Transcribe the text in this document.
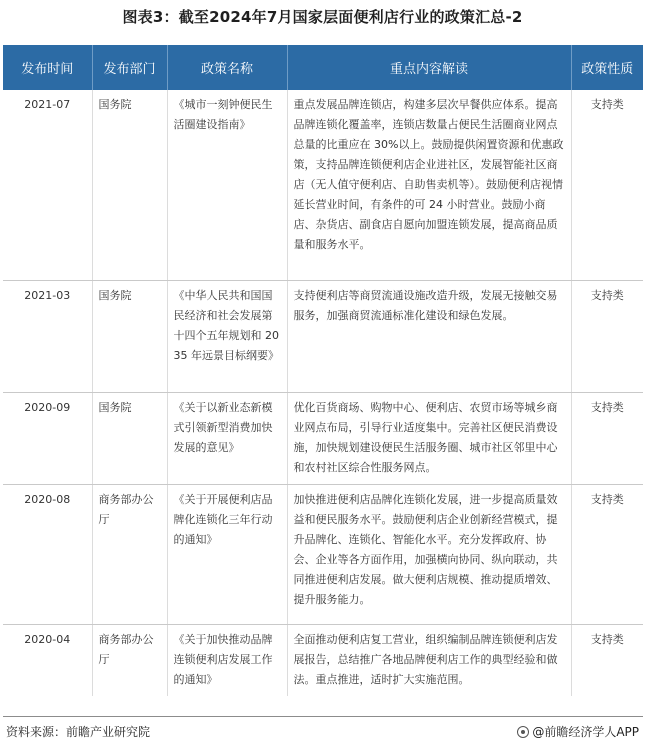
图表3：截至2024年7月国家层面便利店行业的政策汇总-2
发布时间	发布部门	政策名称	重点内容解读	政策性质
2021-07	国务院	《城市一刻钟便民生活圈建设指南》	重点发展品牌连锁店，构建多层次早餐供应体系。提高品牌连锁化覆盖率，连锁店数量占便民生活圈商业网点总量的比重应在 30%以上。鼓励提供闲置资源和优惠政策，支持品牌连锁便利店企业进社区，发展智能社区商店（无人值守便利店、自助售卖机等）。鼓励便利店视情延长营业时间，有条件的可 24 小时营业。鼓励小商店、杂货店、副食店自愿向加盟连锁发展，提高商品质量和服务水平。	支持类
2021-03	国务院	《中华人民共和国国民经济和社会发展第十四个五年规划和 2035 年远景目标纲要》	支持便利店等商贸流通设施改造升级，发展无接触交易服务，加强商贸流通标准化建设和绿色发展。	支持类
2020-09	国务院	《关于以新业态新模式引领新型消费加快发展的意见》	优化百货商场、购物中心、便利店、农贸市场等城乡商业网点布局，引导行业适度集中。完善社区便民消费设施，加快规划建设便民生活服务圈、城市社区邻里中心和农村社区综合性服务网点。	支持类
2020-08	商务部办公厅	《关于开展便利店品牌化连锁化三年行动的通知》	加快推进便利店品牌化连锁化发展，进一步提高质量效益和便民服务水平。鼓励便利店企业创新经营模式，提升品牌化、连锁化、智能化水平。充分发挥政府、协会、企业等各方面作用，加强横向协同、纵向联动，共同推进便利店发展。做大便利店规模、推动提质增效、提升服务能力。	支持类
2020-04	商务部办公厅	《关于加快推动品牌连锁便利店发展工作的通知》	全面推动便利店复工营业，组织编制品牌连锁便利店发展报告，总结推广各地品牌便利店工作的典型经验和做法。重点推进，适时扩大实施范围。	支持类
资料来源：前瞻产业研究院	@前瞻经济学人APP
